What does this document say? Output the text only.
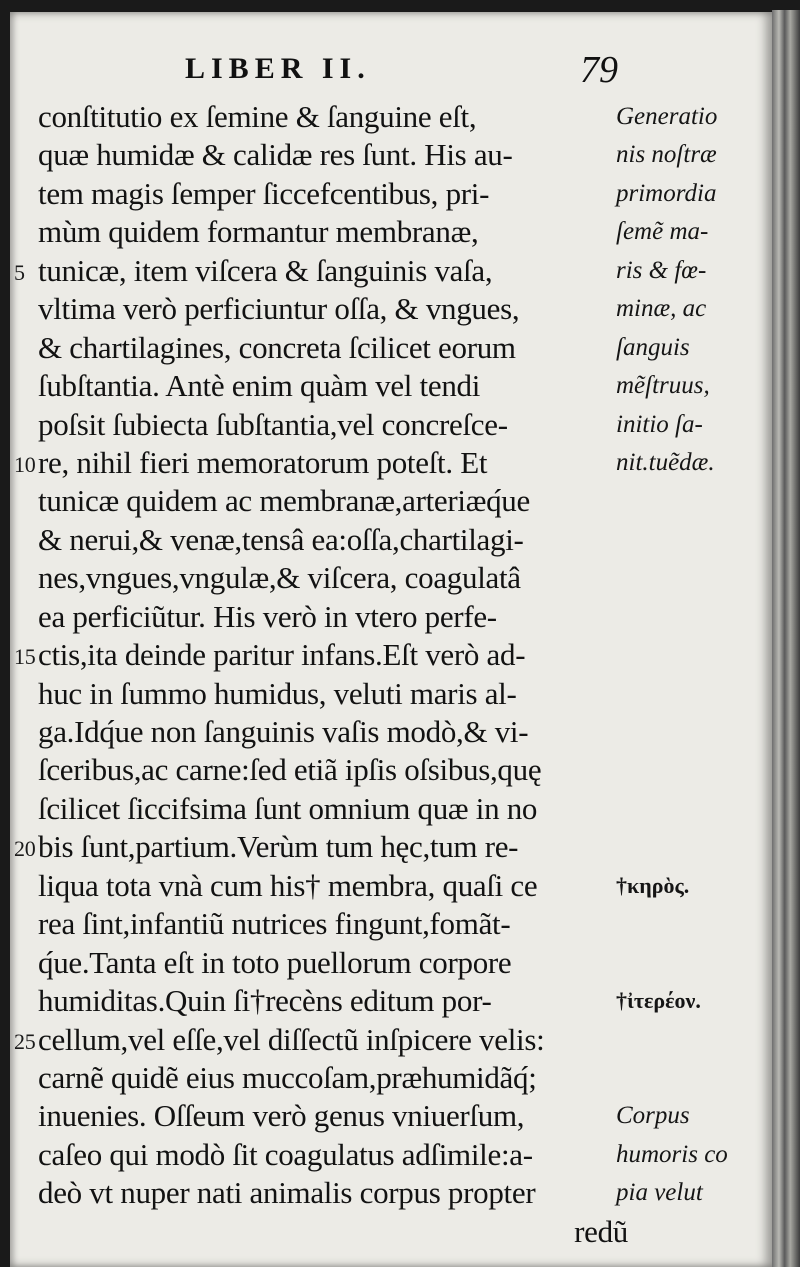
LIBER II.	79
conſtitutio ex ſemine & ſanguine eſt,
quæ humidæ & calidæ res ſunt. His au-
tem magis ſemper ſiccefcentibus, pri-
mùm quidem formantur membranæ,
5 tunicæ, item viſcera & ſanguinis vaſa,
vltima verò perficiuntur oſſa, & vngues,
& chartilagines, concreta ſcilicet eorum
ſubſtantia. Antè enim quàm vel tendi
poſsit ſubiecta ſubſtantia,vel concreſce-
10 re, nihil fieri memoratorum poteſt. Et
tunicæ quidem ac membranæ,arteriæq́ue
& nerui,& venæ,tensâ ea:oſſa,chartilagi-
nes,vngues,vngulæ,& viſcera, coagulatâ
ea perficiũtur. His verò in vtero perfe-
15 ctis,ita deinde paritur infans.Eſt verò ad-
huc in ſummo humidus, veluti maris al-
ga.Idq́ue non ſanguinis vaſis modò,& vi-
ſceribus,ac carne:ſed etiã ipſis oſsibus,quę
ſcilicet ſiccifsima ſunt omnium quæ in no
20 bis ſunt,partium.Verùm tum hęc,tum re-
liqua tota vnà cum his† membra, quaſi ce
rea ſint,infantiũ nutrices fingunt,fomãt-
q́ue.Tanta eſt in toto puellorum corpore
humiditas.Quin ſi†recèns editum por-
25 cellum,vel eſſe,vel diſſectũ inſpicere velis:
carnẽ quidẽ eius muccoſam,præhumidãq́;
inuenies. Oſſeum verò genus vniuerſum,
caſeo qui modò ſit coagulatus adſimile:a-
deò vt nuper nati animalis corpus propter
redũ
Generatio
nis noſtræ
primordia
ſemẽ ma-
ris & fœ-
minæ, ac
ſanguis
mẽſtruus,
initio ſa-
nit.tuẽdæ.
†κηρὸς.
†ἰτερέον.
Corpus
humoris co
pia velut
